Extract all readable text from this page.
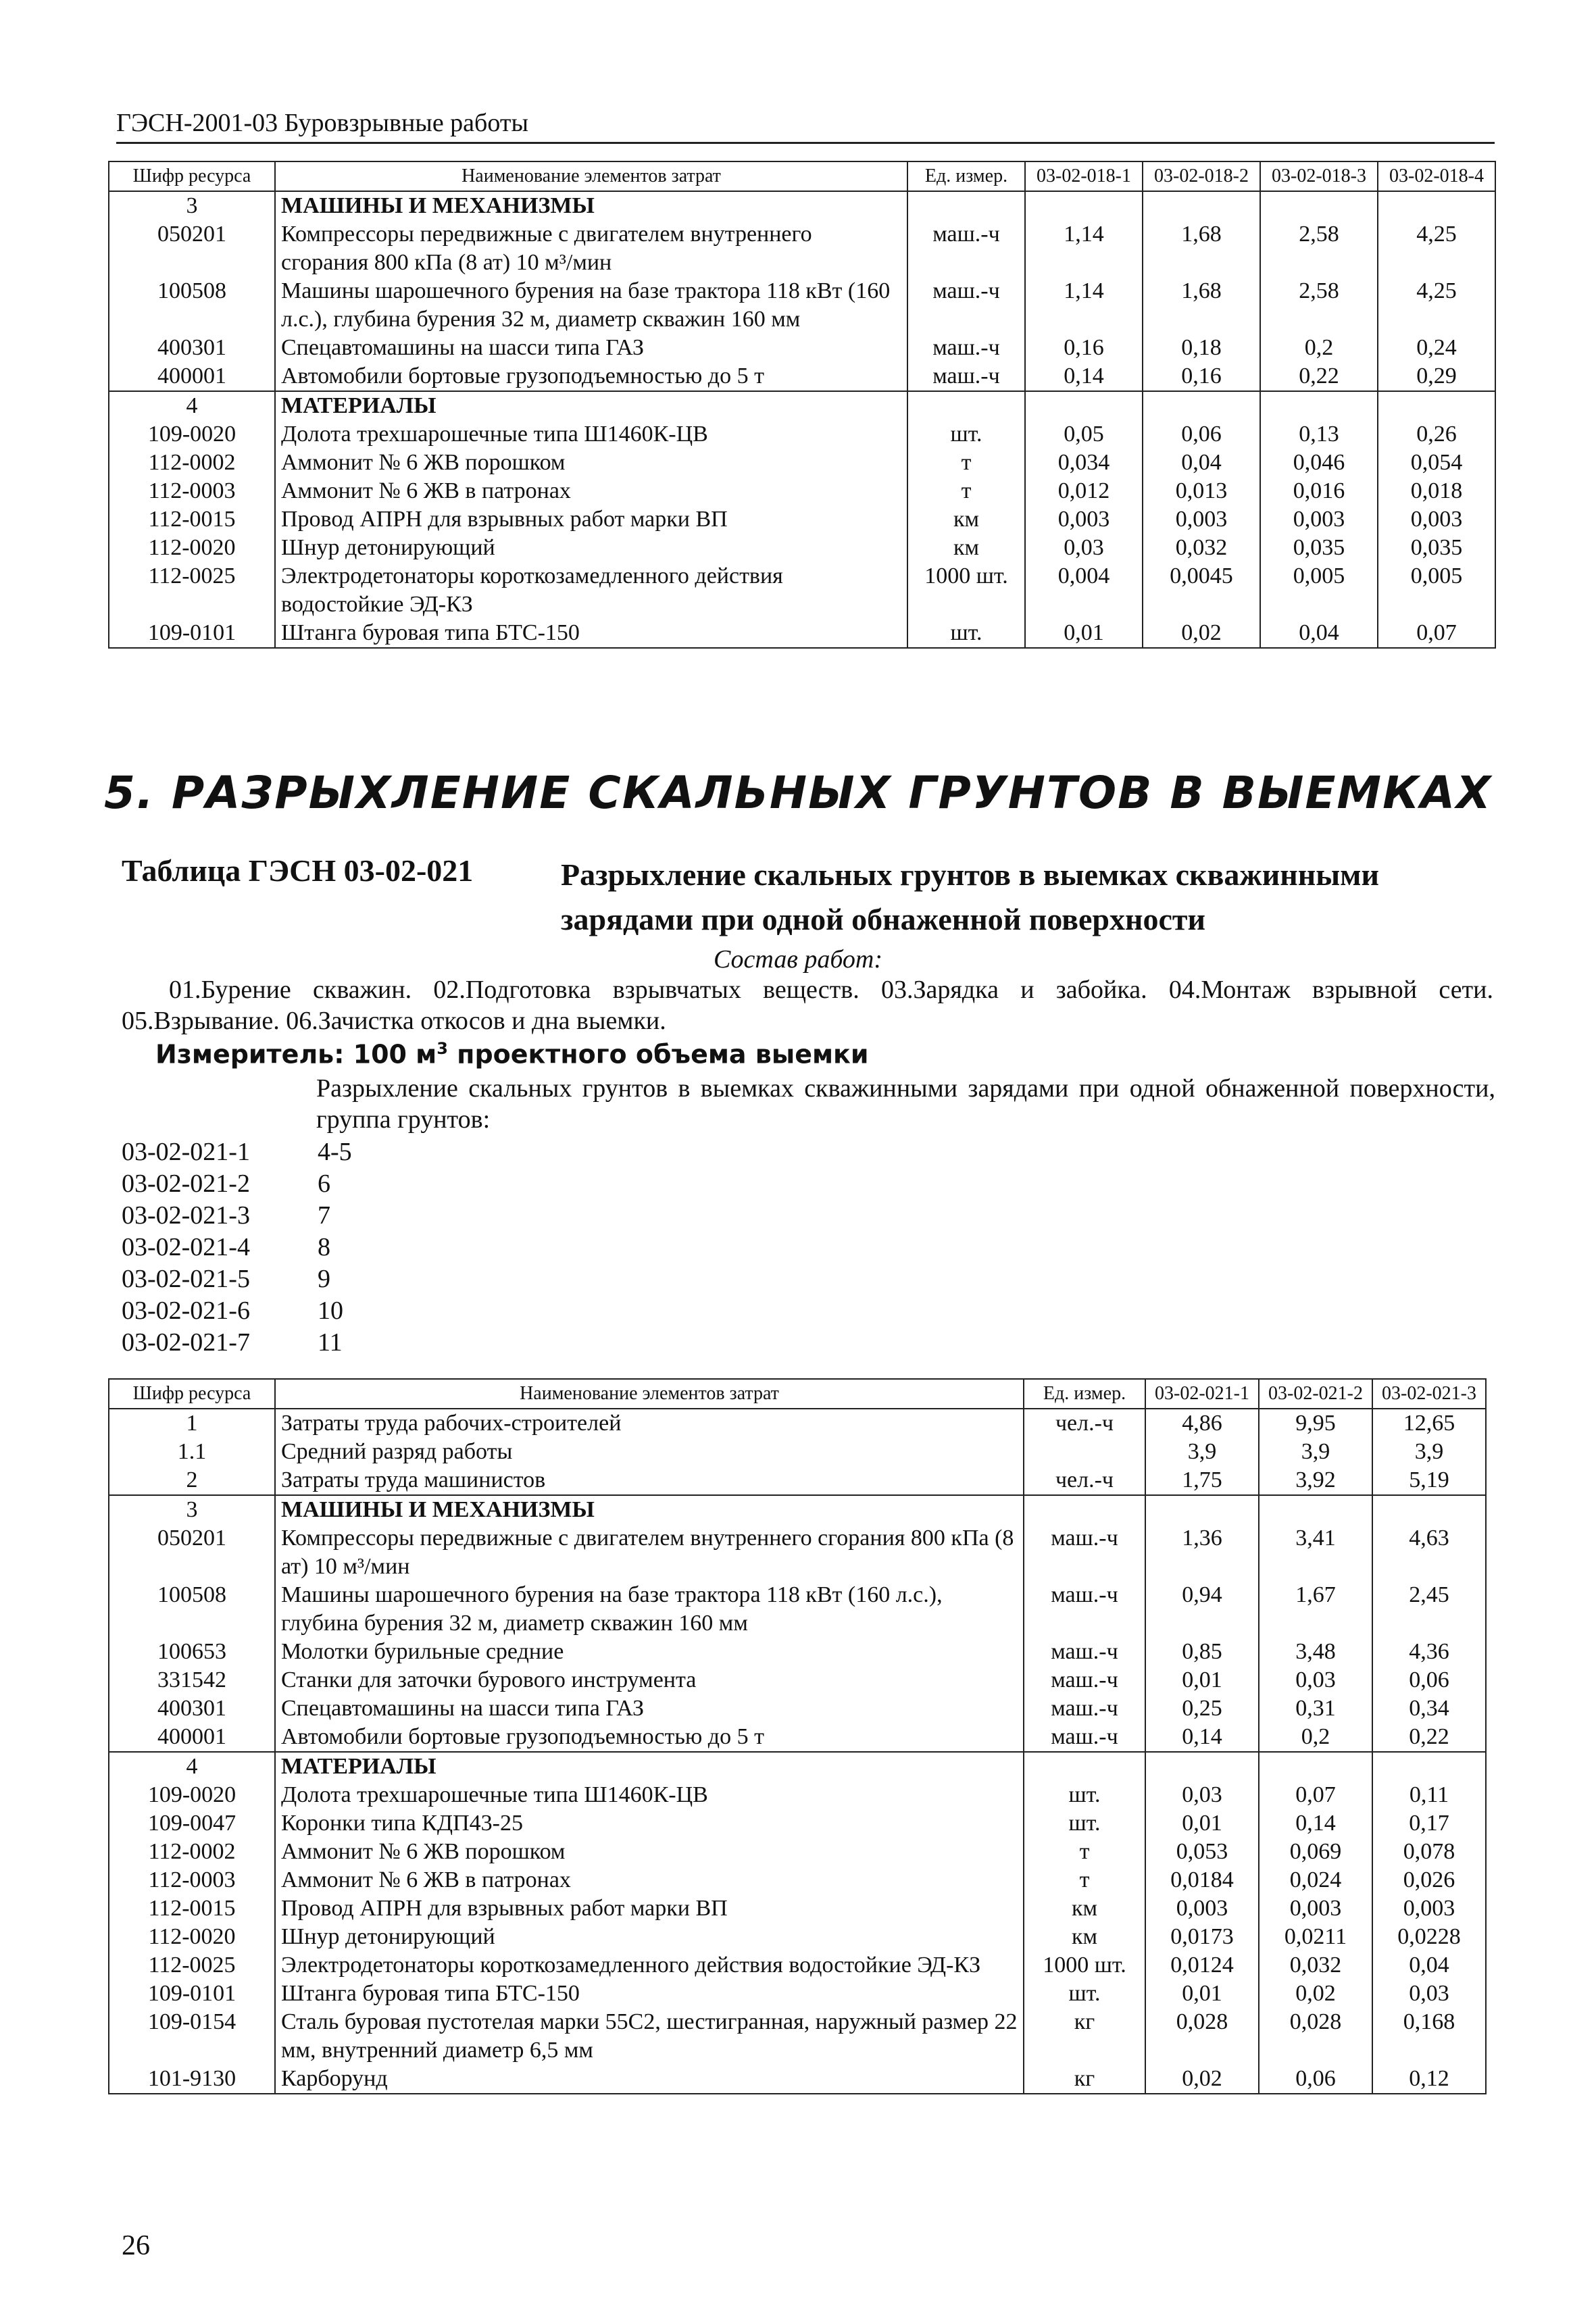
ГЭСН-2001-03 Буровзрывные работы
Шифр ресурса	Наименование элементов затрат	Ед. измер.	03-02-018-1	03-02-018-2	03-02-018-3	03-02-018-4
3	МАШИНЫ И МЕХАНИЗМЫ					
050201	Компрессоры передвижные с двигателем внутреннего сгорания 800 кПа (8 ат) 10 м³/мин	маш.-ч	1,14	1,68	2,58	4,25
100508	Машины шарошечного бурения на базе трактора 118 кВт (160 л.с.), глубина бурения 32 м, диаметр скважин 160 мм	маш.-ч	1,14	1,68	2,58	4,25
400301	Спецавтомашины на шасси типа ГАЗ	маш.-ч	0,16	0,18	0,2	0,24
400001	Автомобили бортовые грузоподъемностью до 5 т	маш.-ч	0,14	0,16	0,22	0,29
4	МАТЕРИАЛЫ					
109-0020	Долота трехшарошечные типа Ш1460К-ЦВ	шт.	0,05	0,06	0,13	0,26
112-0002	Аммонит № 6 ЖВ порошком	т	0,034	0,04	0,046	0,054
112-0003	Аммонит № 6 ЖВ в патронах	т	0,012	0,013	0,016	0,018
112-0015	Провод АПРН для взрывных работ марки ВП	км	0,003	0,003	0,003	0,003
112-0020	Шнур детонирующий	км	0,03	0,032	0,035	0,035
112-0025	Электродетонаторы короткозамедленного действия водостойкие ЭД-КЗ	1000 шт.	0,004	0,0045	0,005	0,005
109-0101	Штанга буровая типа БТС-150	шт.	0,01	0,02	0,04	0,07
5. РАЗРЫХЛЕНИЕ СКАЛЬНЫХ ГРУНТОВ В ВЫЕМКАХ
Таблица ГЭСН 03-02-021	Разрыхление скальных грунтов в выемках скважинными зарядами при одной обнаженной поверхности
Состав работ:
01.Бурение скважин. 02.Подготовка взрывчатых веществ. 03.Зарядка и забойка. 04.Монтаж взрывной сети. 05.Взрывание. 06.Зачистка откосов и дна выемки.
Измеритель: 100 $м^3$ проектного объема выемки
Разрыхление скальных грунтов в выемках скважинными зарядами при одной обнаженной поверхности, группа грунтов:
03-02-021-1	4-5
03-02-021-2	6
03-02-021-3	7
03-02-021-4	8
03-02-021-5	9
03-02-021-6	10
03-02-021-7	11
Шифр ресурса	Наименование элементов затрат	Ед. измер.	03-02-021-1	03-02-021-2	03-02-021-3
1	Затраты труда рабочих-строителей	чел.-ч	4,86	9,95	12,65
1.1	Средний разряд работы		3,9	3,9	3,9
2	Затраты труда машинистов	чел.-ч	1,75	3,92	5,19
3	МАШИНЫ И МЕХАНИЗМЫ				
050201	Компрессоры передвижные с двигателем внутреннего сгорания 800 кПа (8 ат) 10 м³/мин	маш.-ч	1,36	3,41	4,63
100508	Машины шарошечного бурения на базе трактора 118 кВт (160 л.с.), глубина бурения 32 м, диаметр скважин 160 мм	маш.-ч	0,94	1,67	2,45
100653	Молотки бурильные средние	маш.-ч	0,85	3,48	4,36
331542	Станки для заточки бурового инструмента	маш.-ч	0,01	0,03	0,06
400301	Спецавтомашины на шасси типа ГАЗ	маш.-ч	0,25	0,31	0,34
400001	Автомобили бортовые грузоподъемностью до 5 т	маш.-ч	0,14	0,2	0,22
4	МАТЕРИАЛЫ				
109-0020	Долота трехшарошечные типа Ш1460К-ЦВ	шт.	0,03	0,07	0,11
109-0047	Коронки типа КДП43-25	шт.	0,01	0,14	0,17
112-0002	Аммонит № 6 ЖВ порошком	т	0,053	0,069	0,078
112-0003	Аммонит № 6 ЖВ в патронах	т	0,0184	0,024	0,026
112-0015	Провод АПРН для взрывных работ марки ВП	км	0,003	0,003	0,003
112-0020	Шнур детонирующий	км	0,0173	0,0211	0,0228
112-0025	Электродетонаторы короткозамедленного действия водостойкие ЭД-КЗ	1000 шт.	0,0124	0,032	0,04
109-0101	Штанга буровая типа БТС-150	шт.	0,01	0,02	0,03
109-0154	Сталь буровая пустотелая марки 55С2, шестигранная, наружный размер 22 мм, внутренний диаметр 6,5 мм	кг	0,028	0,028	0,168
101-9130	Карборунд	кг	0,02	0,06	0,12
26
